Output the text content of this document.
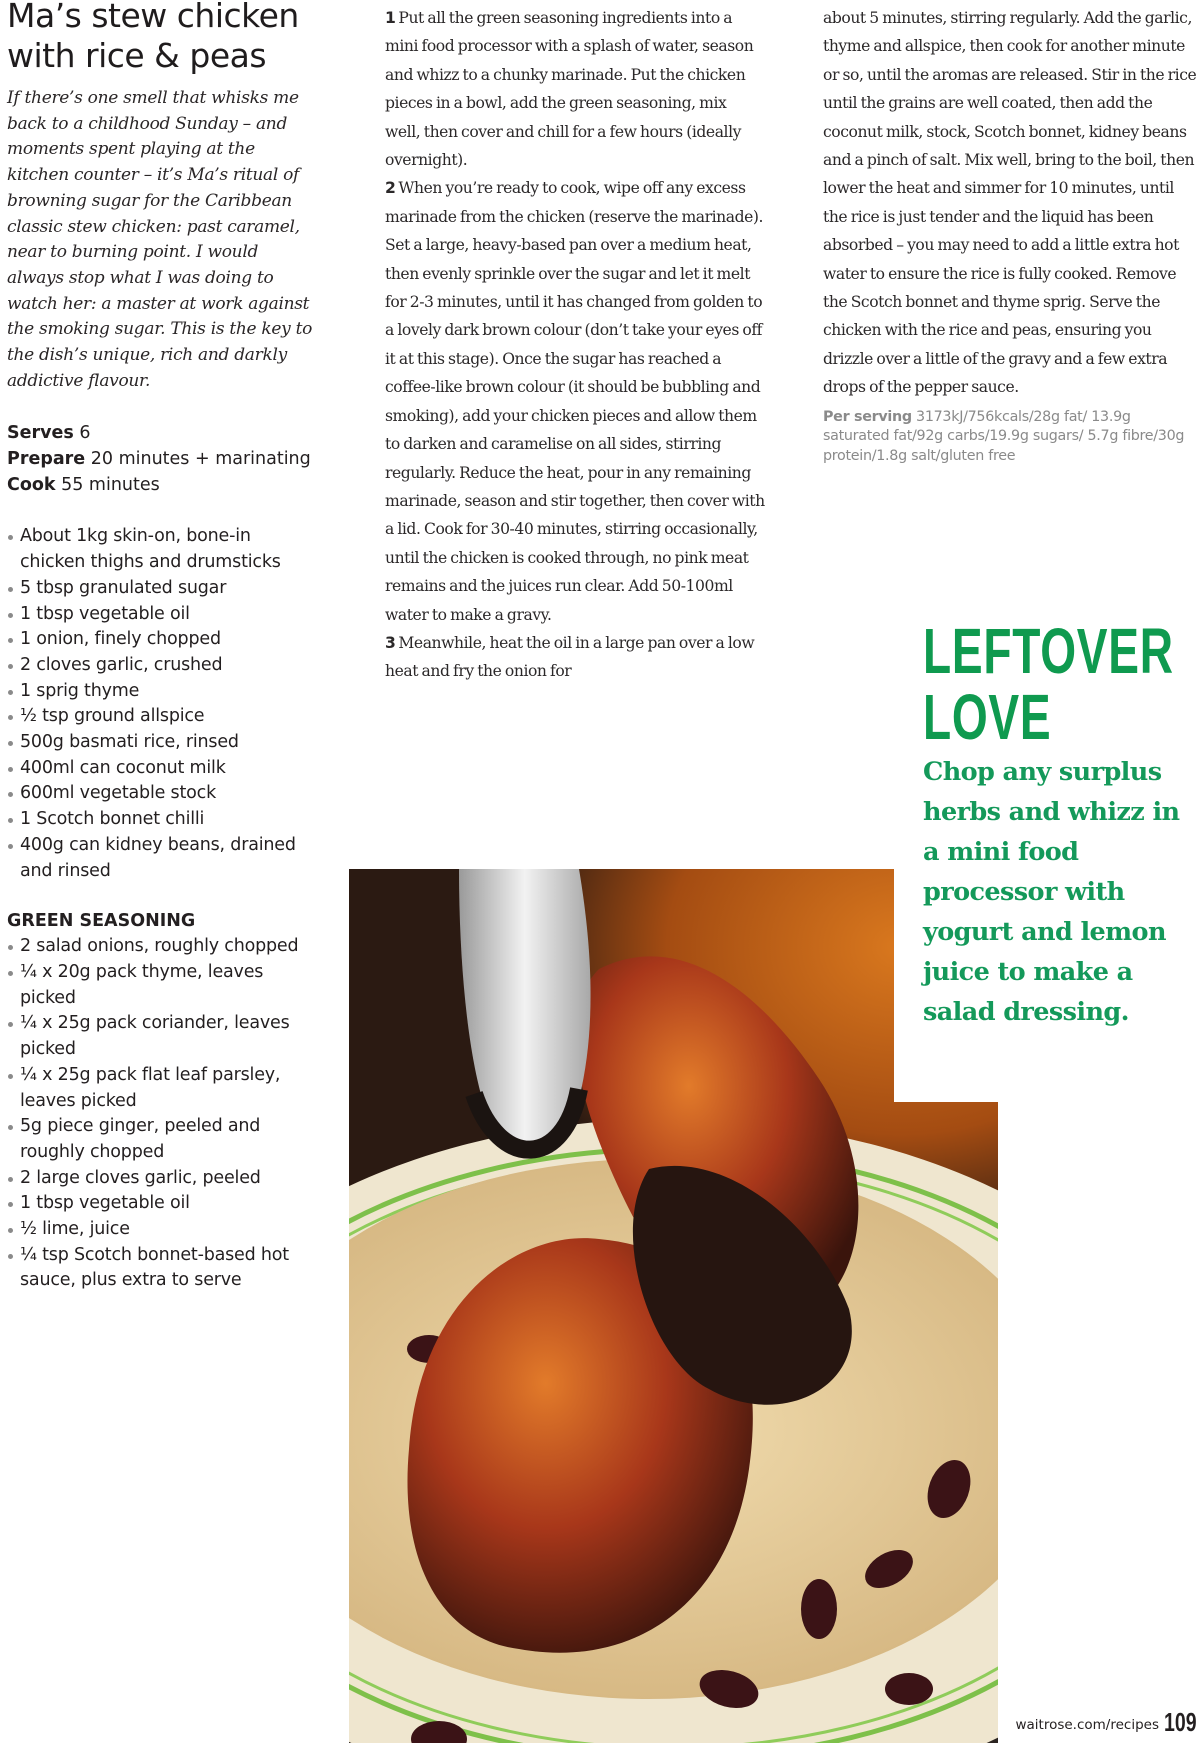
Ma’s stew chicken
with rice & peas

If there’s one smell that whisks me back to a childhood Sunday – and moments spent playing at the kitchen counter – it’s Ma’s ritual of browning sugar for the Caribbean classic stew chicken: past caramel, near to burning point. I would always stop what I was doing to watch her: a master at work against the smoking sugar. This is the key to the dish’s unique, rich and darkly addictive flavour.

Serves 6
Prepare 20 minutes + marinating
Cook 55 minutes
About 1kg skin-on, bone-in chicken thighs and drumsticks
5 tbsp granulated sugar
1 tbsp vegetable oil
1 onion, finely chopped
2 cloves garlic, crushed
1 sprig thyme
½ tsp ground allspice
500g basmati rice, rinsed
400ml can coconut milk
600ml vegetable stock
1 Scotch bonnet chilli
400g can kidney beans, drained and rinsed
GREEN SEASONING
2 salad onions, roughly chopped
¼ x 20g pack thyme, leaves picked
¼ x 25g pack coriander, leaves picked
¼ x 25g pack flat leaf parsley, leaves picked
5g piece ginger, peeled and roughly chopped
2 large cloves garlic, peeled
1 tbsp vegetable oil
½ lime, juice
¼ tsp Scotch bonnet-based hot sauce, plus extra to serve
1 Put all the green seasoning ingredients into a mini food processor with a splash of water, season and whizz to a chunky marinade. Put the chicken pieces in a bowl, add the green seasoning, mix well, then cover and chill for a few hours (ideally overnight).
2 When you’re ready to cook, wipe off any excess marinade from the chicken (reserve the marinade). Set a large, heavy-based pan over a medium heat, then evenly sprinkle over the sugar and let it melt for 2-3 minutes, until it has changed from golden to a lovely dark brown colour (don’t take your eyes off it at this stage). Once the sugar has reached a coffee-like brown colour (it should be bubbling and smoking), add your chicken pieces and allow them to darken and caramelise on all sides, stirring regularly. Reduce the heat, pour in any remaining marinade, season and stir together, then cover with a lid. Cook for 30-40 minutes, stirring occasionally, until the chicken is cooked through, no pink meat remains and the juices run clear. Add 50-100ml water to make a gravy.
3 Meanwhile, heat the oil in a large pan over a low heat and fry the onion for

about 5 minutes, stirring regularly. Add the garlic, thyme and allspice, then cook for another minute or so, until the aromas are released. Stir in the rice until the grains are well coated, then add the coconut milk, stock, Scotch bonnet, kidney beans and a pinch of salt. Mix well, bring to the boil, then lower the heat and simmer for 10 minutes, until the rice is just tender and the liquid has been absorbed – you may need to add a little extra hot water to ensure the rice is fully cooked. Remove the Scotch bonnet and thyme sprig. Serve the chicken with the rice and peas, ensuring you drizzle over a little of the gravy and a few extra drops of the pepper sauce.

Per serving 3173kJ/756kcals/28g fat/ 13.9g saturated fat/92g carbs/19.9g sugars/ 5.7g fibre/30g protein/1.8g salt/gluten free

LEFTOVER
LOVE

Chop any surplus herbs and whizz in a mini food processor with yogurt and lemon juice to make a salad dressing.

waitrose.com/recipes 109
